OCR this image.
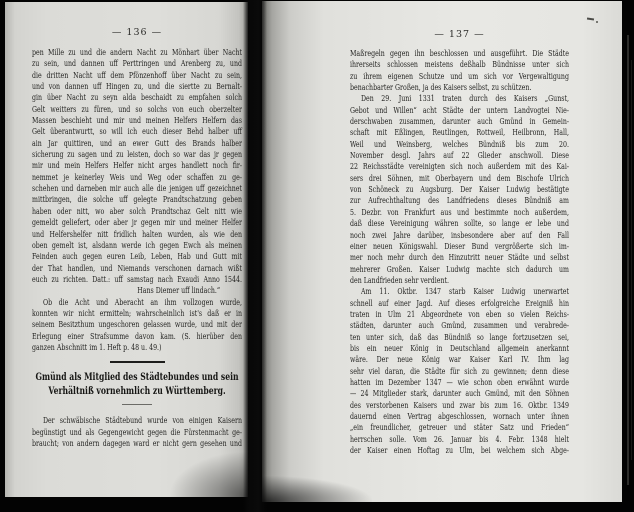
— 136 —
pen Mille zu und die andern Nacht zu Mönhart über Nacht
zu sein, und dannen uff Perttringen und Arenberg zu, und
die dritten Nacht uff dem Pfönzenhoff über Nacht zu sein,
und von dannen uff Hingen zu, und die siertte zu Bernalt-
gin über Nacht zu seyn alda beschaidt zu empfahen solch
Gelt weitters zu füren, und so solchs von euch oberzelter
Massen beschieht und mir und meinen Helfers Helfern das
Gelt überantwurtt, so will ich euch dieser Behd halber uff
ain Jar quittiren, und an ewer Gutt des Brands halber
sicherung zu sagen und zu leisten, doch so war das jr gegen
mir und mein Helfers Helfer nicht arges handlett noch fir-
nemmet je keinerley Weis und Weg oder schaffen zu ge-
schehen und darneben mir auch alle die jenigen uff gezeichnet
mittbringen, die solche uff gelegte Prandtschatzung geben
haben oder nitt, wo aber solch Prandtschaz Gelt nitt wie
gemeldt geliefert, oder aber jr gegen mir und meiner Helfer
und Helfershelfer nitt fridlich halten wurden, als wie den
oben gemelt ist, alsdann werde ich gegen Ewch als meinen
Feinden auch gegen euren Leib, Leben, Hab und Gutt mit
der That handlen, und Niemands verschonen darnach wißt
euch zu richten. Datt.: uff samstag nach Exaudi Anno 1544.
Hans Diemer uff lindach.“
Ob die Acht und Aberacht an ihm vollzogen wurde,
konnten wir nicht ermitteln; wahrscheinlich ist's daß er in
seinem Besitzthum ungeschoren gelassen wurde, und mit der
Erlegung einer Strafsumme davon kam. (S. hierüber den
ganzen Abschnitt im 1. Heft p. 48 u. 49.)
Gmünd als Mitglied des Städtebundes und sein
Verhältniß vornehmlich zu Württemberg.
Der schwäbische Städtebund wurde von einigen Kaisern
begünstigt und als Gegengewicht gegen die Fürstenmacht ge-
braucht; von andern dagegen ward er nicht gern gesehen und
— 137 —
Maßregeln gegen ihn beschlossen und ausgeführt. Die Städte
ihrerseits schlossen meistens deßhalb Bündnisse unter sich
zu ihrem eigenen Schutze und um sich vor Vergewaltigung
benachbarter Großen, ja des Kaisers selbst, zu schützen.
Den 29. Juni 1331 traten durch des Kaisers „Gunst,
Gebot und Willen“ acht Städte der untern Landvogtei Nie-
derschwaben zusammen, darunter auch Gmünd in Gemein-
schaft mit Eßlingen, Reutlingen, Rottweil, Heilbronn, Hall,
Weil und Weinsberg, welches Bündniß bis zum 20.
November desgl. Jahrs auf 22 Glieder anschwoll. Diese
22 Reichsstädte vereinigten sich noch außerdem mit des Kai-
sers drei Söhnen, mit Oberbayern und dem Bischofe Ulrich
von Schöneck zu Augsburg. Der Kaiser Ludwig bestätigte
zur Aufrechthaltung des Landfriedens dieses Bündniß am
5. Dezbr. von Frankfurt aus und bestimmte noch außerdem,
daß diese Vereinigung währen sollte, so lange er lebe und
noch zwei Jahre darüber, insbesondere aber auf den Fall
einer neuen Königswahl. Dieser Bund vergrößerte sich im-
mer noch mehr durch den Hinzutritt neuer Städte und selbst
mehrerer Großen. Kaiser Ludwig machte sich dadurch um
den Landfrieden sehr verdient.
Am 11. Oktbr. 1347 starb Kaiser Ludwig unerwartet
schnell auf einer Jagd. Auf dieses erfolgreiche Ereigniß hin
traten in Ulm 21 Abgeordnete von eben so vielen Reichs-
städten, darunter auch Gmünd, zusammen und verabrede-
ten unter sich, daß das Bündniß so lange fortzusetzen sei,
bis ein neuer König in Deutschland allgemein anerkannt
wäre. Der neue König war Kaiser Karl IV. Ihm lag
sehr viel daran, die Städte für sich zu gewinnen; denn diese
hatten im Dezember 1347 — wie schon oben erwähnt wurde
— 24 Mitglieder stark, darunter auch Gmünd, mit den Söhnen
des verstorbenen Kaisers und zwar bis zum 16. Oktbr. 1349
dauernd einen Vertrag abgeschlossen, wornach unter ihnen
„ein freundlicher, getreuer und stäter Satz und Frieden“
herrschen solle. Vom 26. Januar bis 4. Febr. 1348 hielt
der Kaiser einen Hoftag zu Ulm, bei welchem sich Abge-
